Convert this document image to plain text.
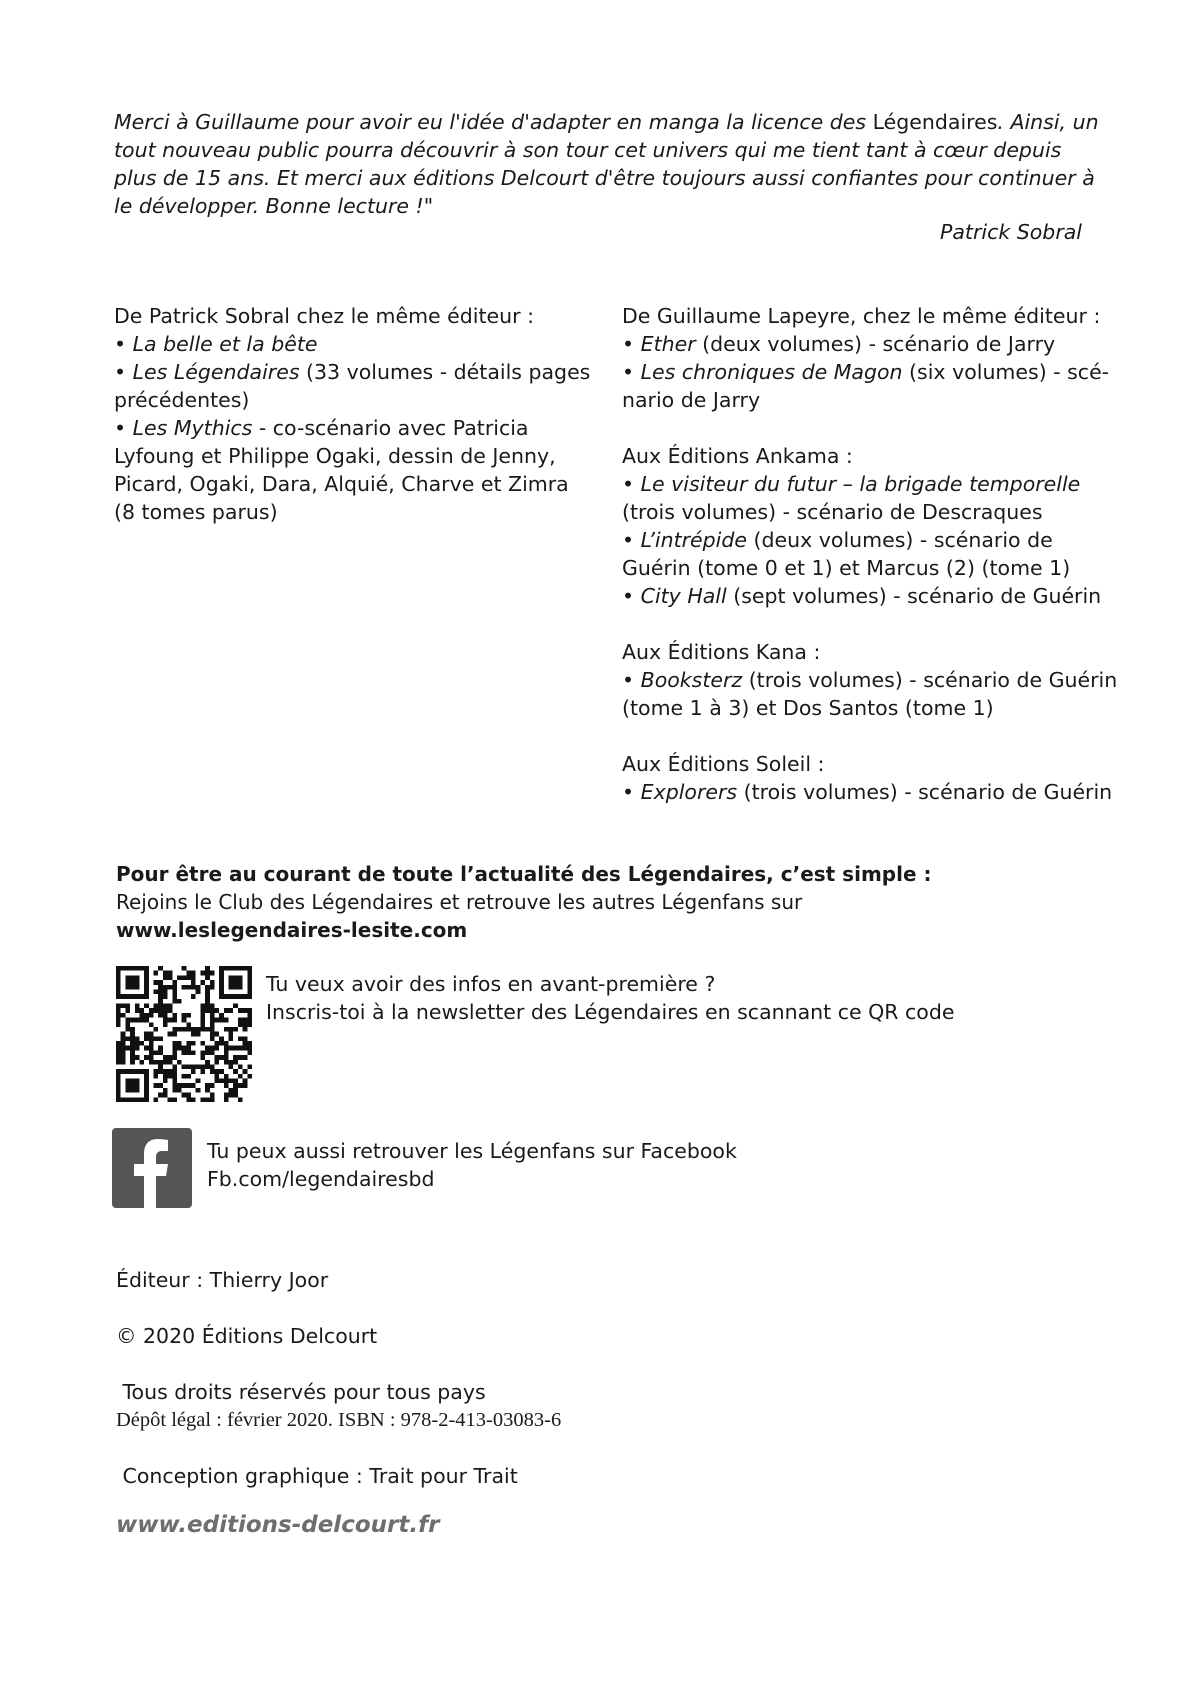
Merci à Guillaume pour avoir eu l'idée d'adapter en manga la licence des Légendaires. Ainsi, un tout nouveau public pourra découvrir à son tour cet univers qui me tient tant à cœur depuis plus de 15 ans. Et merci aux éditions Delcourt d'être toujours aussi confiantes pour continuer à le développer. Bonne lecture !"
Patrick Sobral

De Patrick Sobral chez le même éditeur :

• La belle et la bête

• Les Légendaires (33 volumes - détails pages précédentes)

• Les Mythics - co-scénario avec Patricia Lyfoung et Philippe Ogaki, dessin de Jenny, Picard, Ogaki, Dara, Alquié, Charve et Zimra (8 tomes parus)

De Guillaume Lapeyre, chez le même éditeur :

• Ether (deux volumes) - scénario de Jarry

• Les chroniques de Magon (six volumes) - scé-nario de Jarry

Aux Éditions Ankama :

• Le visiteur du futur – la brigade temporelle (trois volumes) - scénario de Descraques

• L’intrépide (deux volumes) - scénario de Guérin (tome 0 et 1) et Marcus (2) (tome 1)

• City Hall (sept volumes) - scénario de Guérin

Aux Éditions Kana :

• Booksterz (trois volumes) - scénario de Guérin (tome 1 à 3) et Dos Santos (tome 1)

Aux Éditions Soleil :

• Explorers (trois volumes) - scénario de Guérin

Pour être au courant de toute l’actualité des Légendaires, c’est simple :
Rejoins le Club des Légendaires et retrouve les autres Légenfans sur
www.leslegendaires-lesite.com
Tu veux avoir des infos en avant-première ?
Inscris-toi à la newsletter des Légendaires en scannant ce QR code
Tu peux aussi retrouver les Légenfans sur Facebook
Fb.com/legendairesbd
Éditeur : Thierry Joor
© 2020 Éditions Delcourt
Tous droits réservés pour tous pays
Dépôt légal : février 2020. ISBN : 978-2-413-03083-6
Conception graphique : Trait pour Trait
www.editions-delcourt.fr
